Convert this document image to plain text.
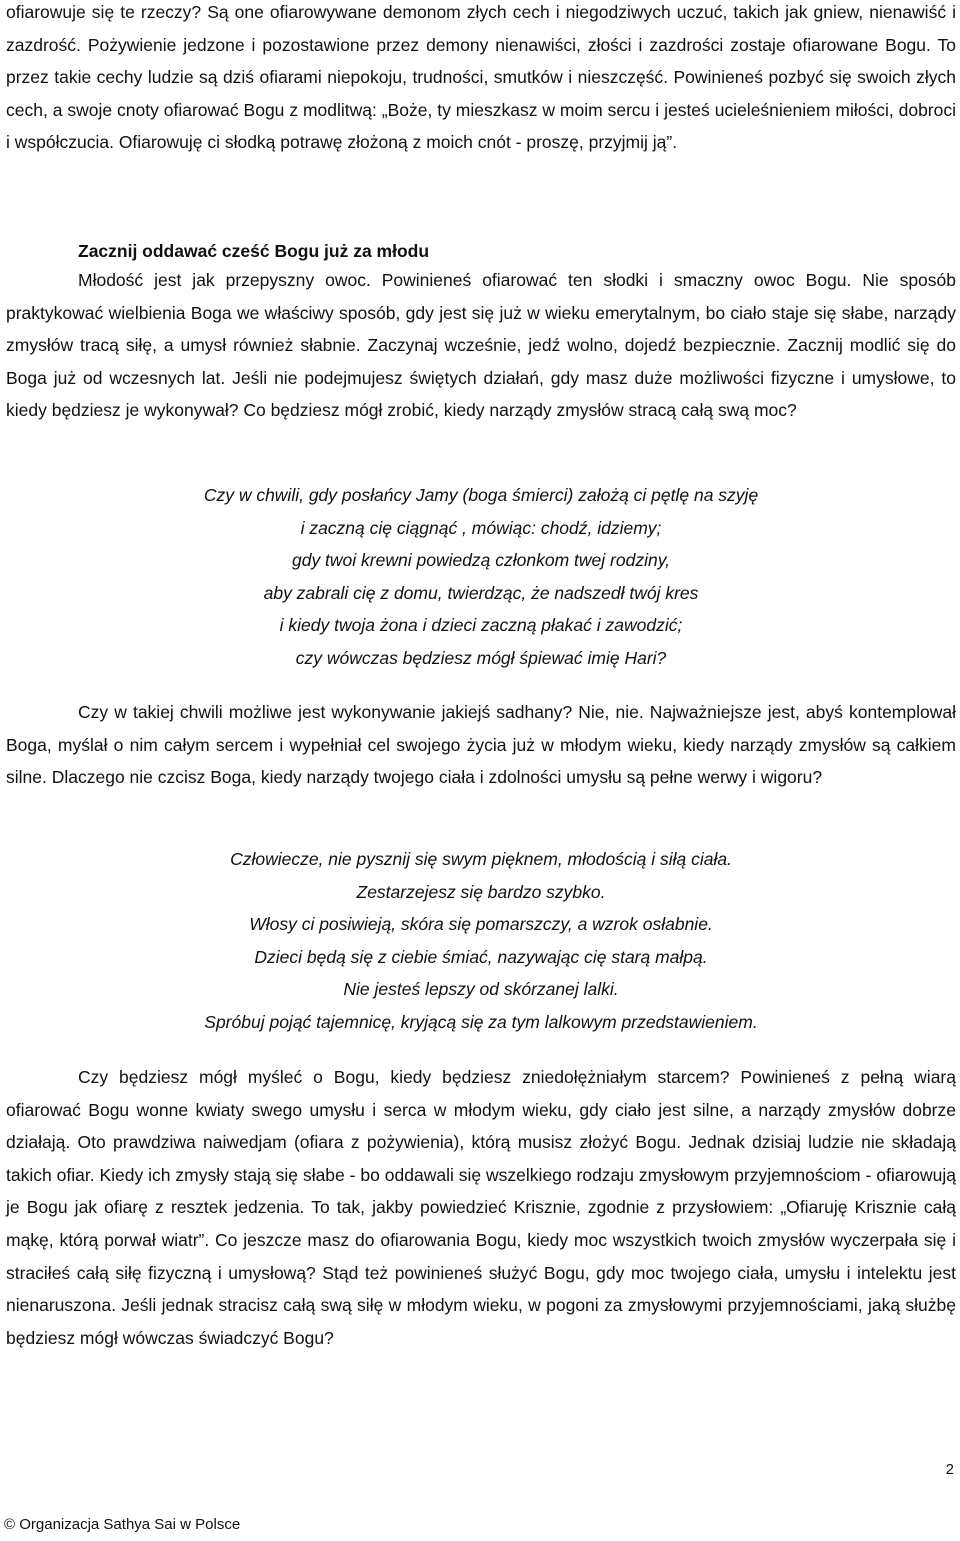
ofiarowuje się te rzeczy? Są one ofiarowywane demonom złych cech i niegodziwych uczuć, takich jak gniew, nienawiść i zazdrość. Pożywienie jedzone i pozostawione przez demony nienawiści, złości i zazdrości zostaje ofiarowane Bogu. To przez takie cechy ludzie są dziś ofiarami niepokoju, trudności, smutków i nieszczęść. Powinieneś pozbyć się swoich złych cech, a swoje cnoty ofiarować Bogu z modlitwą: „Boże, ty mieszkasz w moim sercu i jesteś ucieleśnieniem miłości, dobroci i współczucia. Ofiarowuję ci słodką potrawę złożoną z moich cnót - proszę, przyjmij ją”.

Zacznij oddawać cześć Bogu już za młodu

Młodość jest jak przepyszny owoc. Powinieneś ofiarować ten słodki i smaczny owoc Bogu. Nie sposób praktykować wielbienia Boga we właściwy sposób, gdy jest się już w wieku emerytalnym, bo ciało staje się słabe, narządy zmysłów tracą siłę, a umysł również słabnie. Zaczynaj wcześnie, jedź wolno, dojedź bezpiecznie. Zacznij modlić się do Boga już od wczesnych lat. Jeśli nie podejmujesz świętych działań, gdy masz duże możliwości fizyczne i umysłowe, to kiedy będziesz je wykonywał? Co będziesz mógł zrobić, kiedy narządy zmysłów stracą całą swą moc?

Czy w chwili, gdy posłańcy Jamy (boga śmierci) założą ci pętlę na szyję
i zaczną cię ciągnąć , mówiąc: chodź, idziemy;
gdy twoi krewni powiedzą członkom twej rodziny,
aby zabrali cię z domu, twierdząc, że nadszedł twój kres
i kiedy twoja żona i dzieci zaczną płakać i zawodzić;
czy wówczas będziesz mógł śpiewać imię Hari?

Czy w takiej chwili możliwe jest wykonywanie jakiejś sadhany? Nie, nie. Najważniejsze jest, abyś kontemplował Boga, myślał o nim całym sercem i wypełniał cel swojego życia już w młodym wieku, kiedy narządy zmysłów są całkiem silne. Dlaczego nie czcisz Boga, kiedy narządy twojego ciała i zdolności umysłu są pełne werwy i wigoru?

Człowiecze, nie pysznij się swym pięknem, młodością i siłą ciała.
Zestarzejesz się bardzo szybko.
Włosy ci posiwieją, skóra się pomarszczy, a wzrok osłabnie.
Dzieci będą się z ciebie śmiać, nazywając cię starą małpą.
Nie jesteś lepszy od skórzanej lalki.
Spróbuj pojąć tajemnicę, kryjącą się za tym lalkowym przedstawieniem.

Czy będziesz mógł myśleć o Bogu, kiedy będziesz zniedołężniałym starcem? Powinieneś z pełną wiarą ofiarować Bogu wonne kwiaty swego umysłu i serca w młodym wieku, gdy ciało jest silne, a narządy zmysłów dobrze działają. Oto prawdziwa naiwedjam (ofiara z pożywienia), którą musisz złożyć Bogu. Jednak dzisiaj ludzie nie składają takich ofiar. Kiedy ich zmysły stają się słabe - bo oddawali się wszelkiego rodzaju zmysłowym przyjemnościom - ofiarowują je Bogu jak ofiarę z resztek jedzenia. To tak, jakby powiedzieć Krisznie, zgodnie z przysłowiem: „Ofiaruję Krisznie całą mąkę, którą porwał wiatr”. Co jeszcze masz do ofiarowania Bogu, kiedy moc wszystkich twoich zmysłów wyczerpała się i straciłeś całą siłę fizyczną i umysłową? Stąd też powinieneś służyć Bogu, gdy moc twojego ciała, umysłu i intelektu jest nienaruszona. Jeśli jednak stracisz całą swą siłę w młodym wieku, w pogoni za zmysłowymi przyjemnościami, jaką służbę będziesz mógł wówczas świadczyć Bogu?

2
© Organizacja Sathya Sai w Polsce
